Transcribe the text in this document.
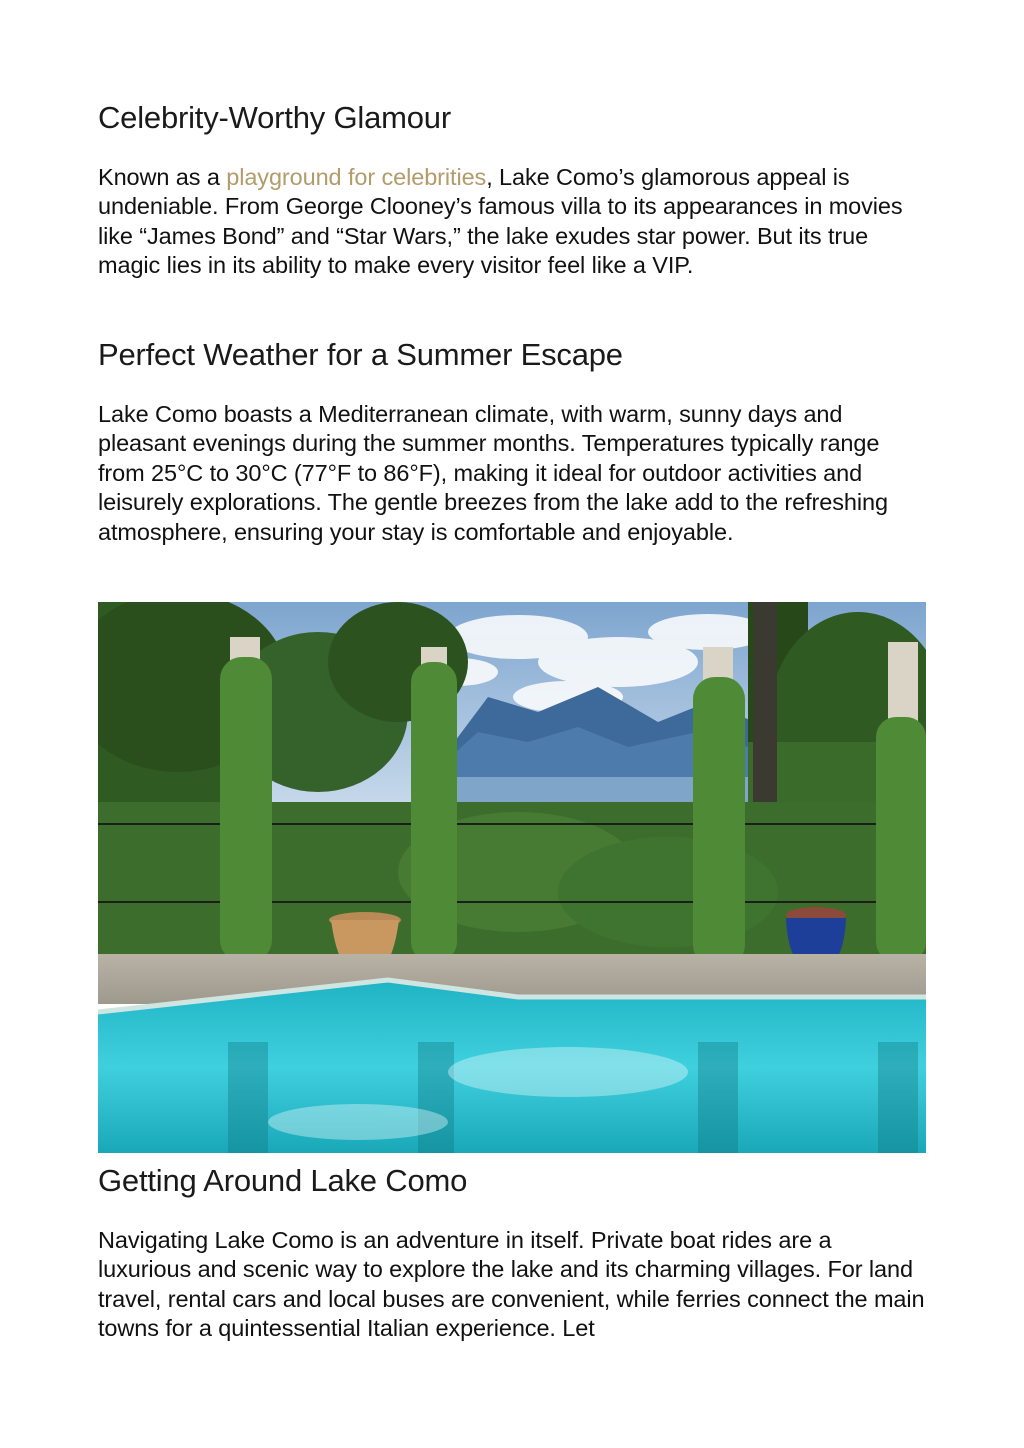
Celebrity-Worthy Glamour

Known as a playground for celebrities, Lake Como’s glamorous appeal is undeniable. From George Clooney’s famous villa to its appearances in movies like “James Bond” and “Star Wars,” the lake exudes star power. But its true magic lies in its ability to make every visitor feel like a VIP.

Perfect Weather for a Summer Escape

Lake Como boasts a Mediterranean climate, with warm, sunny days and pleasant evenings during the summer months. Temperatures typically range from 25°C to 30°C (77°F to 86°F), making it ideal for outdoor activities and leisurely explorations. The gentle breezes from the lake add to the refreshing atmosphere, ensuring your stay is comfortable and enjoyable.

Getting Around Lake Como

Navigating Lake Como is an adventure in itself. Private boat rides are a luxurious and scenic way to explore the lake and its charming villages. For land travel, rental cars and local buses are convenient, while ferries connect the main towns for a quintessential Italian experience. Let
